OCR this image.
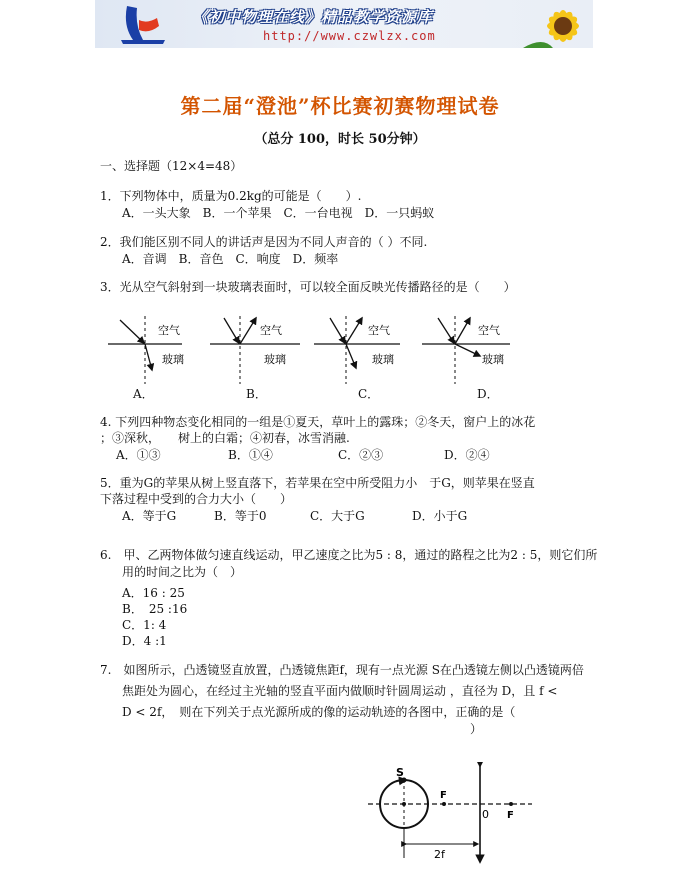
《初中物理在线》精品教学资源库
http://www.czwlzx.com
第二届“澄池”杯比赛初赛物理试卷
（总分 100，时长 50分钟）
一、选择题（12×4=48）
1．下列物体中，质量为0.2kg的可能是（　　）.
A．一头大象　B．一个苹果　C．一台电视　D．一只蚂蚁
2．我们能区别不同人的讲话声是因为不同人声音的（ ）不同.
A．音调　B．音色　C．响度　D．频率
3．光从空气斜射到一块玻璃表面时，可以较全面反映光传播路径的是（　　）
空气
玻璃
空气
玻璃
空气
玻璃
空气
玻璃
A．	B．	C．	D．
4. 下列四种物态变化相同的一组是①夏天，草叶上的露珠；②冬天，窗户上的冰花
；③深秋，　　树上的白霜；④初春，冰雪消融.
A．①③	B．①④	C．②③	D．②④
5．重为G的苹果从树上竖直落下，若苹果在空中所受阻力小　于G，则苹果在竖直
下落过程中受到的合力大小（　　）
A．等于G	B．等于0	C．大于G	D．小于G
6.　甲、乙两物体做匀速直线运动，甲乙速度之比为5 : 8，通过的路程之比为2 : 5，则它们所
用的时间之比为（　）
A．16 : 25
B．　25 :16
C．1: 4
D．4 :1
7.　如图所示，凸透镜竖直放置，凸透镜焦距f，现有一点光源 S在凸透镜左侧以凸透镜两倍
焦距处为圆心，在经过主光轴的竖直平面内做顺时针圆周运动 ，直径为 D，且 f <
D < 2f，　则在下列关于点光源所成的像的运动轨迹的各图中，正确的是（
）
S
F
0 F
2f
